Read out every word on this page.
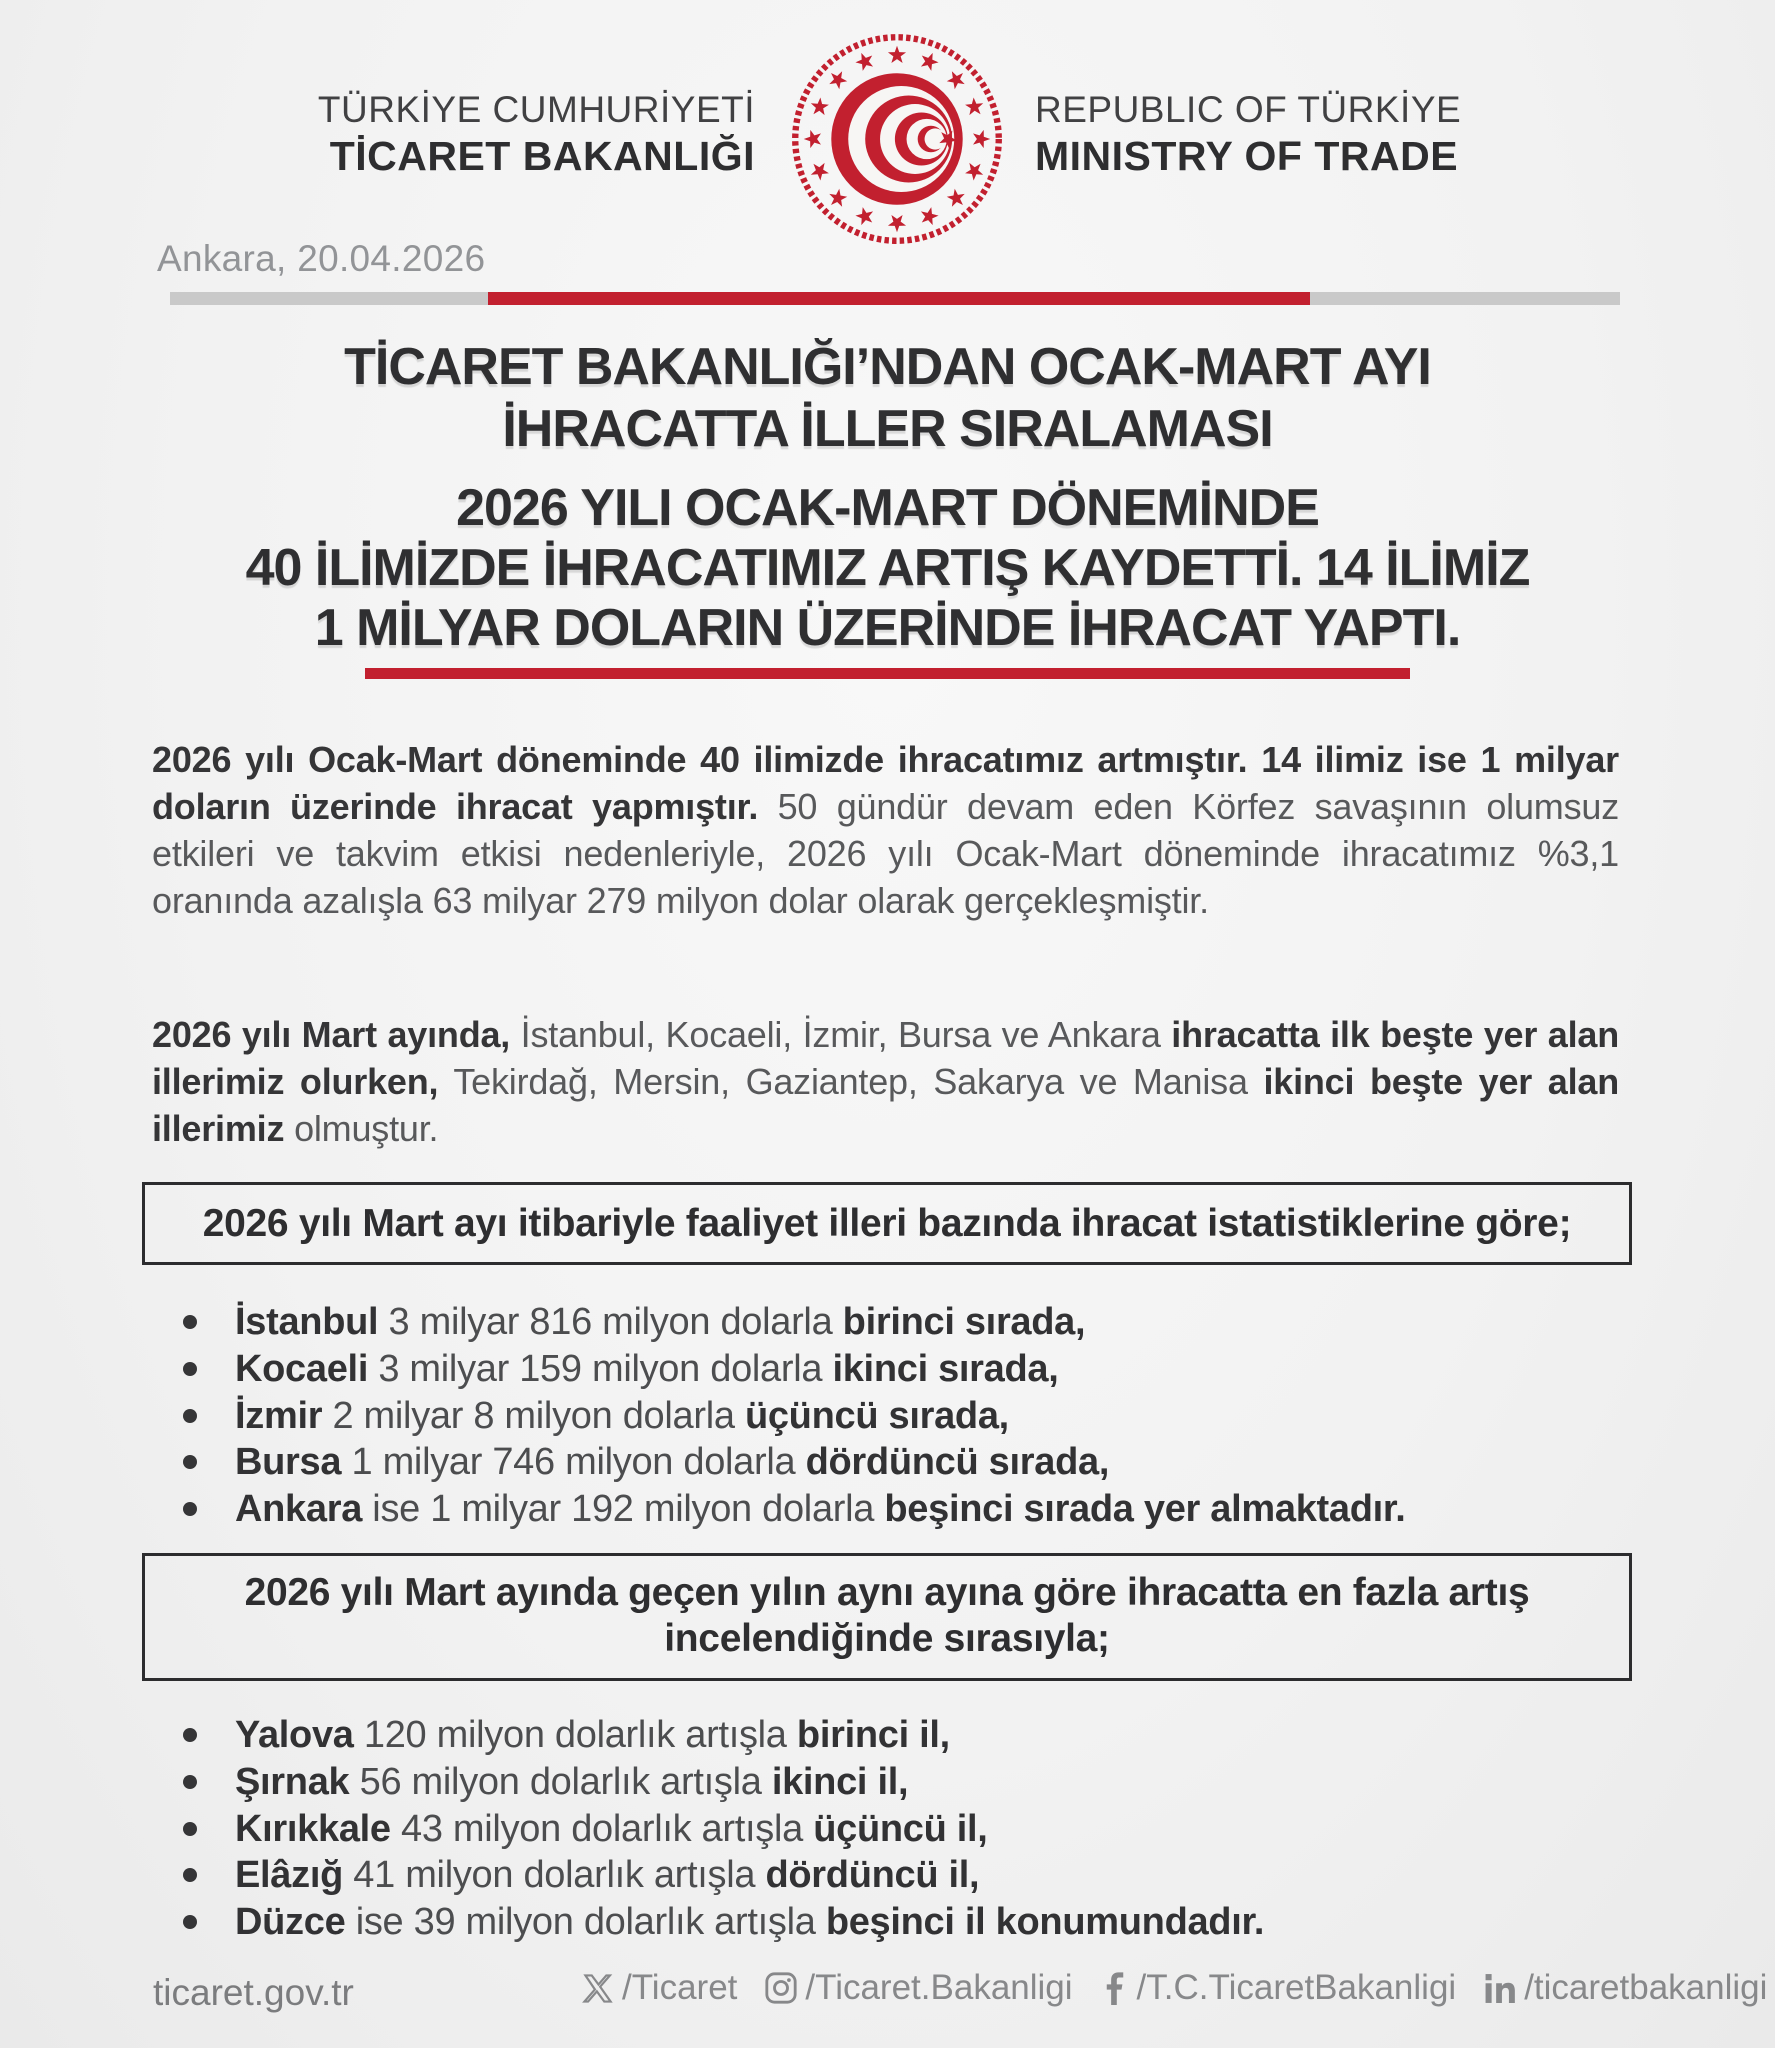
TÜRKİYE CUMHURİYETİ
TİCARET BAKANLIĞI
REPUBLIC OF TÜRKİYE
MINISTRY OF TRADE
Ankara, 20.04.2026
TİCARET BAKANLIĞI’NDAN OCAK-MART AYI
İHRACATTA İLLER SIRALAMASI
2026 YILI OCAK-MART DÖNEMİNDE
40 İLİMİZDE İHRACATIMIZ ARTIŞ KAYDETTİ. 14 İLİMİZ
1 MİLYAR DOLARIN ÜZERİNDE İHRACAT YAPTI.

2026 yılı Ocak-Mart döneminde 40 ilimizde ihracatımız artmıştır. 14 ilimiz ise 1 milyar doların üzerinde ihracat yapmıştır. 50 gündür devam eden Körfez savaşının olumsuz etkileri ve takvim etkisi nedenleriyle, 2026 yılı Ocak-Mart döneminde ihracatımız %3,1 oranında azalışla 63 milyar 279 milyon dolar olarak gerçekleşmiştir.

2026 yılı Mart ayında, İstanbul, Kocaeli, İzmir, Bursa ve Ankara ihracatta ilk beşte yer alan illerimiz olurken, Tekirdağ, Mersin, Gaziantep, Sakarya ve Manisa ikinci beşte yer alan illerimiz olmuştur.

2026 yılı Mart ayı itibariyle faaliyet illeri bazında ihracat istatistiklerine göre;
İstanbul 3 milyar 816 milyon dolarla birinci sırada,
Kocaeli 3 milyar 159 milyon dolarla ikinci sırada,
İzmir 2 milyar 8 milyon dolarla üçüncü sırada,
Bursa 1 milyar 746 milyon dolarla dördüncü sırada,
Ankara ise 1 milyar 192 milyon dolarla beşinci sırada yer almaktadır.
2026 yılı Mart ayında geçen yılın aynı ayına göre ihracatta en fazla artış incelendiğinde sırasıyla;
Yalova 120 milyon dolarlık artışla birinci il,
Şırnak 56 milyon dolarlık artışla ikinci il,
Kırıkkale 43 milyon dolarlık artışla üçüncü il,
Elâzığ 41 milyon dolarlık artışla dördüncü il,
Düzce ise 39 milyon dolarlık artışla beşinci il konumundadır.
ticaret.gov.tr	/Ticaret /Ticaret.Bakanligi /T.C.TicaretBakanligi /ticaretbakanligi
